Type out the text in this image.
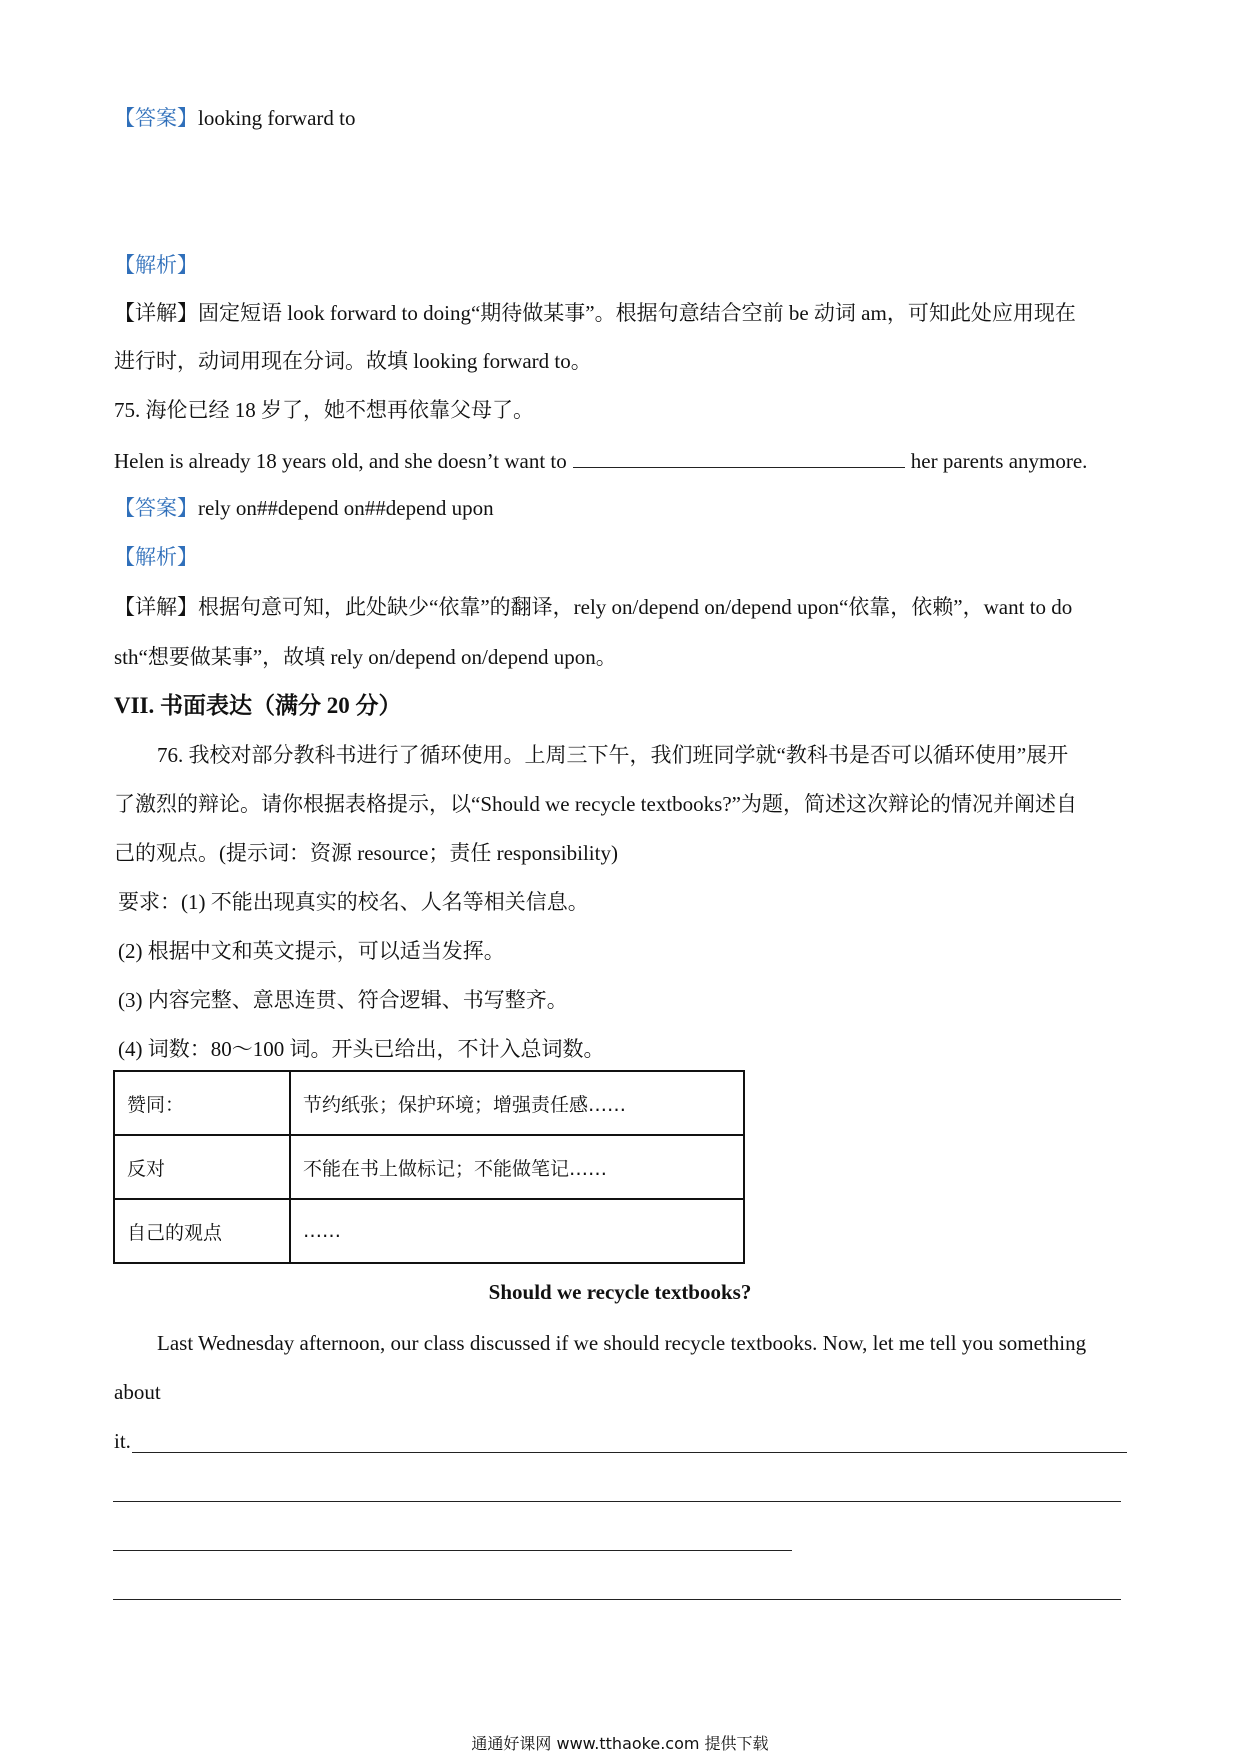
【答案】looking forward to
【解析】
【详解】固定短语 look forward to doing“期待做某事”。根据句意结合空前 be 动词 am，可知此处应用现在
进行时，动词用现在分词。故填 looking forward to。
75. 海伦已经 18 岁了，她不想再依靠父母了。
Helen is already 18 years old, and she doesn’t want to	her parents anymore.
【答案】rely on##depend on##depend upon
【解析】
【详解】根据句意可知，此处缺少“依靠”的翻译，rely on/depend on/depend upon“依靠，依赖”，want to do
sth“想要做某事”，故填 rely on/depend on/depend upon。
VII. 书面表达（满分 20 分）
76. 我校对部分教科书进行了循环使用。上周三下午，我们班同学就“教科书是否可以循环使用”展开
了激烈的辩论。请你根据表格提示，以“Should we recycle textbooks?”为题，简述这次辩论的情况并阐述自
己的观点。(提示词：资源 resource；责任 responsibility)
要求：(1) 不能出现真实的校名、人名等相关信息。
(2) 根据中文和英文提示，可以适当发挥。
(3) 内容完整、意思连贯、符合逻辑、书写整齐。
(4) 词数：80～100 词。开头已给出，不计入总词数。
赞同：	节约纸张；保护环境；增强责任感……
反对	不能在书上做标记；不能做笔记……
自己的观点	……
Should we recycle textbooks?
Last Wednesday afternoon, our class discussed if we should recycle textbooks. Now, let me tell you something
about
it.
通通好课网 www.tthaoke.com 提供下载
